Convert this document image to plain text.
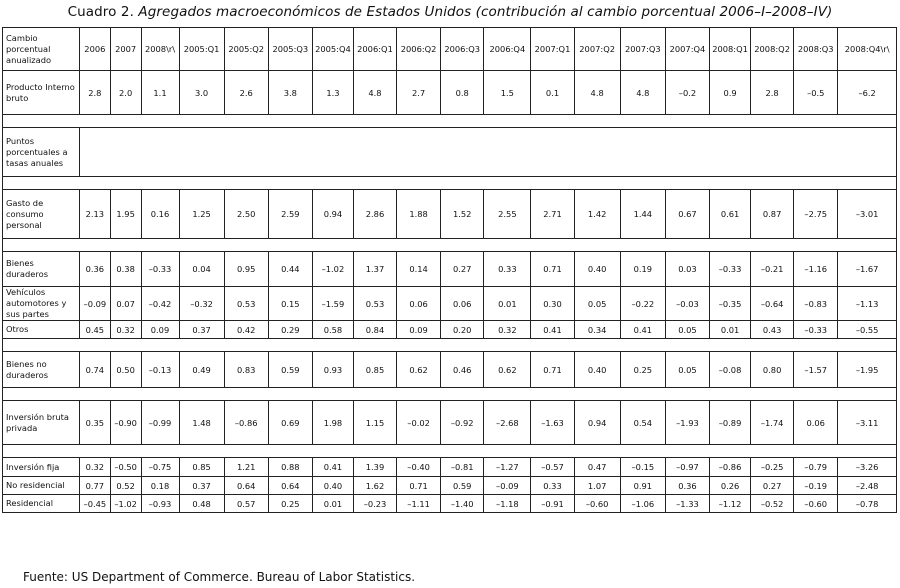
Cuadro 2. Agregados macroeconómicos de Estados Unidos (contribución al cambio porcentual 2006–I–2008–IV)
Cambio porcentual anualizado	2006	2007	2008\r\	2005:Q1	2005:Q2	2005:Q3	2005:Q4	2006:Q1	2006:Q2	2006:Q3	2006:Q4	2007:Q1	2007:Q2	2007:Q3	2007:Q4	2008:Q1	2008:Q2	2008:Q3	2008:Q4\r\
Producto Interno bruto	2.8	2.0	1.1	3.0	2.6	3.8	1.3	4.8	2.7	0.8	1.5	0.1	4.8	4.8	–0.2	0.9	2.8	–0.5	–6.2

Puntos porcentuales a tasas anuales																			

Gasto de consumo personal	2.13	1.95	0.16	1.25	2.50	2.59	0.94	2.86	1.88	1.52	2.55	2.71	1.42	1.44	0.67	0.61	0.87	–2.75	–3.01

Bienes duraderos	0.36	0.38	–0.33	0.04	0.95	0.44	–1.02	1.37	0.14	0.27	0.33	0.71	0.40	0.19	0.03	–0.33	–0.21	–1.16	–1.67
Vehículos automotores y sus partes	–0.09	0.07	–0.42	–0.32	0.53	0.15	–1.59	0.53	0.06	0.06	0.01	0.30	0.05	–0.22	–0.03	–0.35	–0.64	–0.83	–1.13
Otros	0.45	0.32	0.09	0.37	0.42	0.29	0.58	0.84	0.09	0.20	0.32	0.41	0.34	0.41	0.05	0.01	0.43	–0.33	–0.55

Bienes no duraderos	0.74	0.50	–0.13	0.49	0.83	0.59	0.93	0.85	0.62	0.46	0.62	0.71	0.40	0.25	0.05	–0.08	0.80	–1.57	–1.95

Inversión bruta privada	0.35	–0.90	–0.99	1.48	–0.86	0.69	1.98	1.15	–0.02	–0.92	–2.68	–1.63	0.94	0.54	–1.93	–0.89	–1.74	0.06	–3.11

Inversión fija	0.32	–0.50	–0.75	0.85	1.21	0.88	0.41	1.39	–0.40	–0.81	–1.27	–0.57	0.47	–0.15	–0.97	–0.86	–0.25	–0.79	–3.26
No residencial	0.77	0.52	0.18	0.37	0.64	0.64	0.40	1.62	0.71	0.59	–0.09	0.33	1.07	0.91	0.36	0.26	0.27	–0.19	–2.48
Residencial	–0.45	–1.02	–0.93	0.48	0.57	0.25	0.01	–0.23	–1.11	–1.40	–1.18	–0.91	–0.60	–1.06	–1.33	–1.12	–0.52	–0.60	–0.78
Fuente: US Department of Commerce. Bureau of Labor Statistics.
